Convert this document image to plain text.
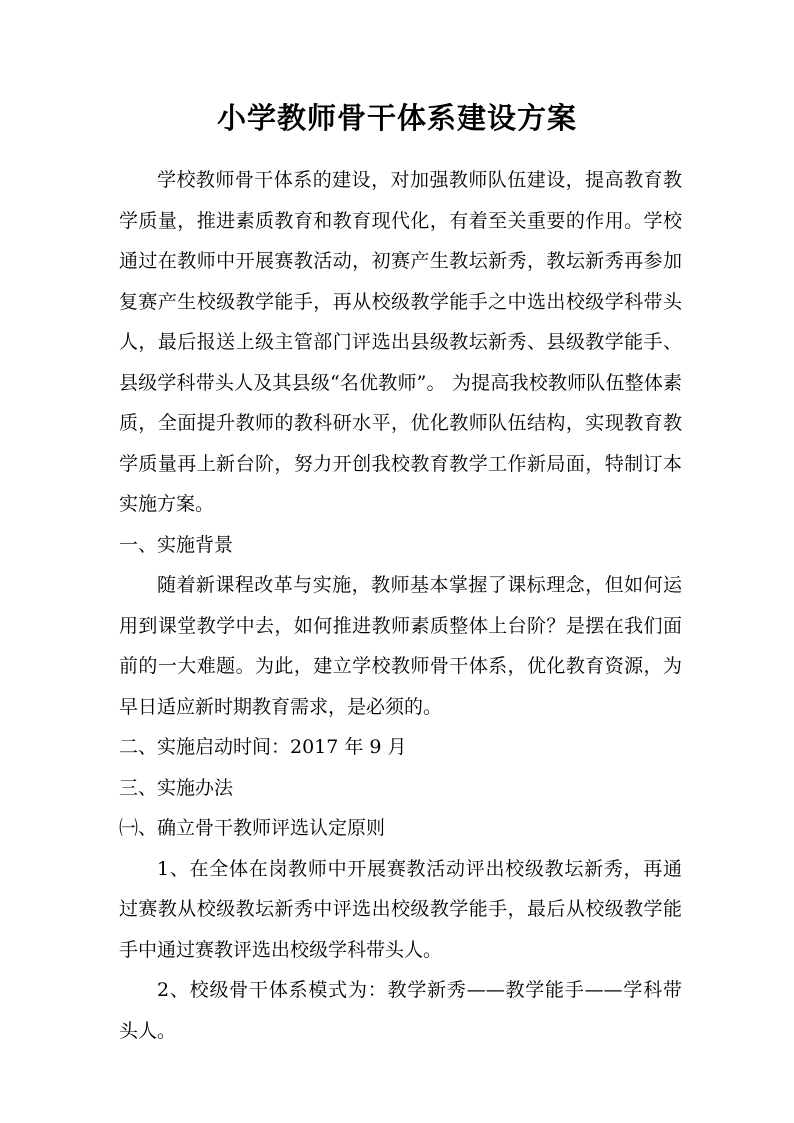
小学教师骨干体系建设方案

学校教师骨干体系的建设，对加强教师队伍建设，提高教育教学质量，推进素质教育和教育现代化，有着至关重要的作用。学校通过在教师中开展赛教活动，初赛产生教坛新秀，教坛新秀再参加复赛产生校级教学能手，再从校级教学能手之中选出校级学科带头人，最后报送上级主管部门评选出县级教坛新秀、县级教学能手、县级学科带头人及其县级“名优教师”。 为提高我校教师队伍整体素质，全面提升教师的教科研水平，优化教师队伍结构，实现教育教学质量再上新台阶，努力开创我校教育教学工作新局面，特制订本实施方案。

一、实施背景

随着新课程改革与实施，教师基本掌握了课标理念，但如何运用到课堂教学中去，如何推进教师素质整体上台阶？是摆在我们面前的一大难题。为此，建立学校教师骨干体系，优化教育资源，为早日适应新时期教育需求，是必须的。

二、实施启动时间：2017 年 9 月

三、实施办法

㈠、确立骨干教师评选认定原则

1、在全体在岗教师中开展赛教活动评出校级教坛新秀，再通过赛教从校级教坛新秀中评选出校级教学能手，最后从校级教学能手中通过赛教评选出校级学科带头人。

2、校级骨干体系模式为：教学新秀——教学能手——学科带头人。
